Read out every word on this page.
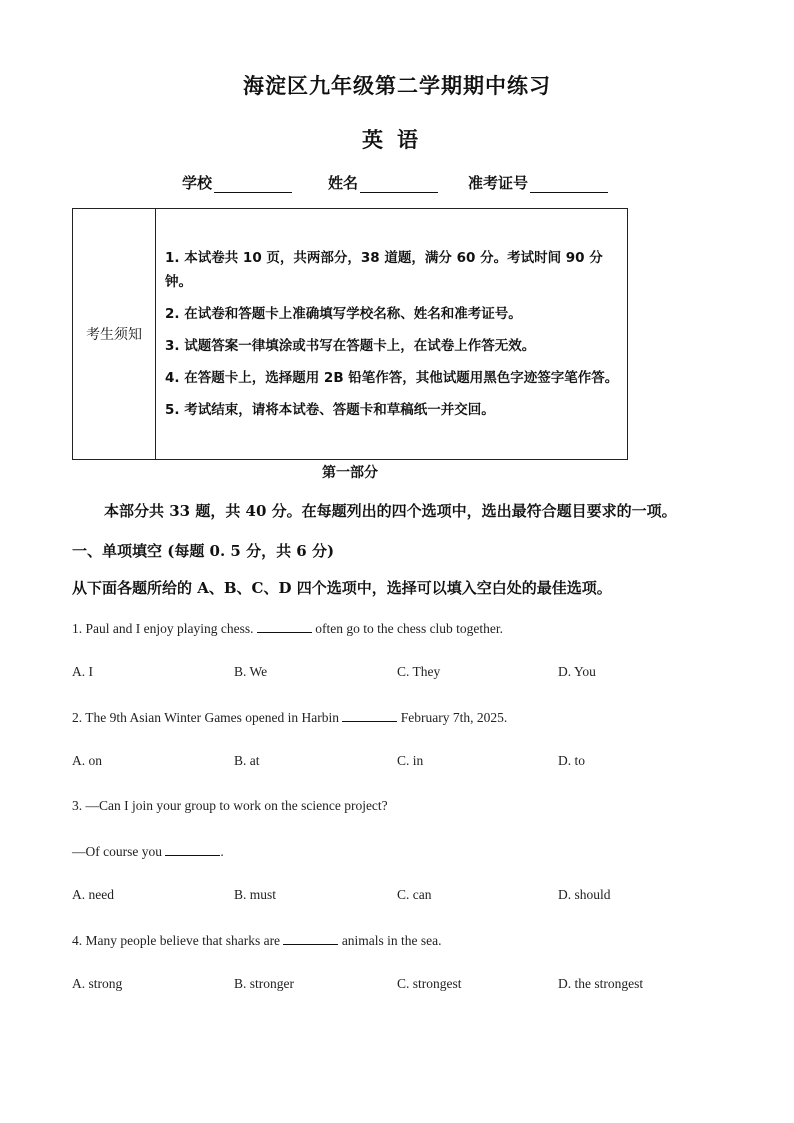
海淀区九年级第二学期期中练习
英语
学校	姓名	准考证号
考生须知	
1. 本试卷共 10 页，共两部分，38 道题，满分 60 分。考试时间 90 分钟。
2. 在试卷和答题卡上准确填写学校名称、姓名和准考证号。
3. 试题答案一律填涂或书写在答题卡上，在试卷上作答无效。
4. 在答题卡上，选择题用 2B 铅笔作答，其他试题用黑色字迹签字笔作答。
5. 考试结束，请将本试卷、答题卡和草稿纸一并交回。
第一部分
本部分共 33 题，共 40 分。在每题列出的四个选项中，选出最符合题目要求的一项。
一、单项填空 (每题 0. 5 分，共 6 分)
从下面各题所给的 A、B、C、D 四个选项中，选择可以填入空白处的最佳选项。
1. Paul and I enjoy playing chess.	often go to the chess club together.
A. I	B. We	C. They	D. You
2. The 9th Asian Winter Games opened in Harbin	February 7th, 2025.
A. on	B. at	C. in	D. to
3. —Can I join your group to work on the science project?
—Of course you	.
A. need	B. must	C. can	D. should
4. Many people believe that sharks are	animals in the sea.
A. strong	B. stronger	C. strongest	D. the strongest
